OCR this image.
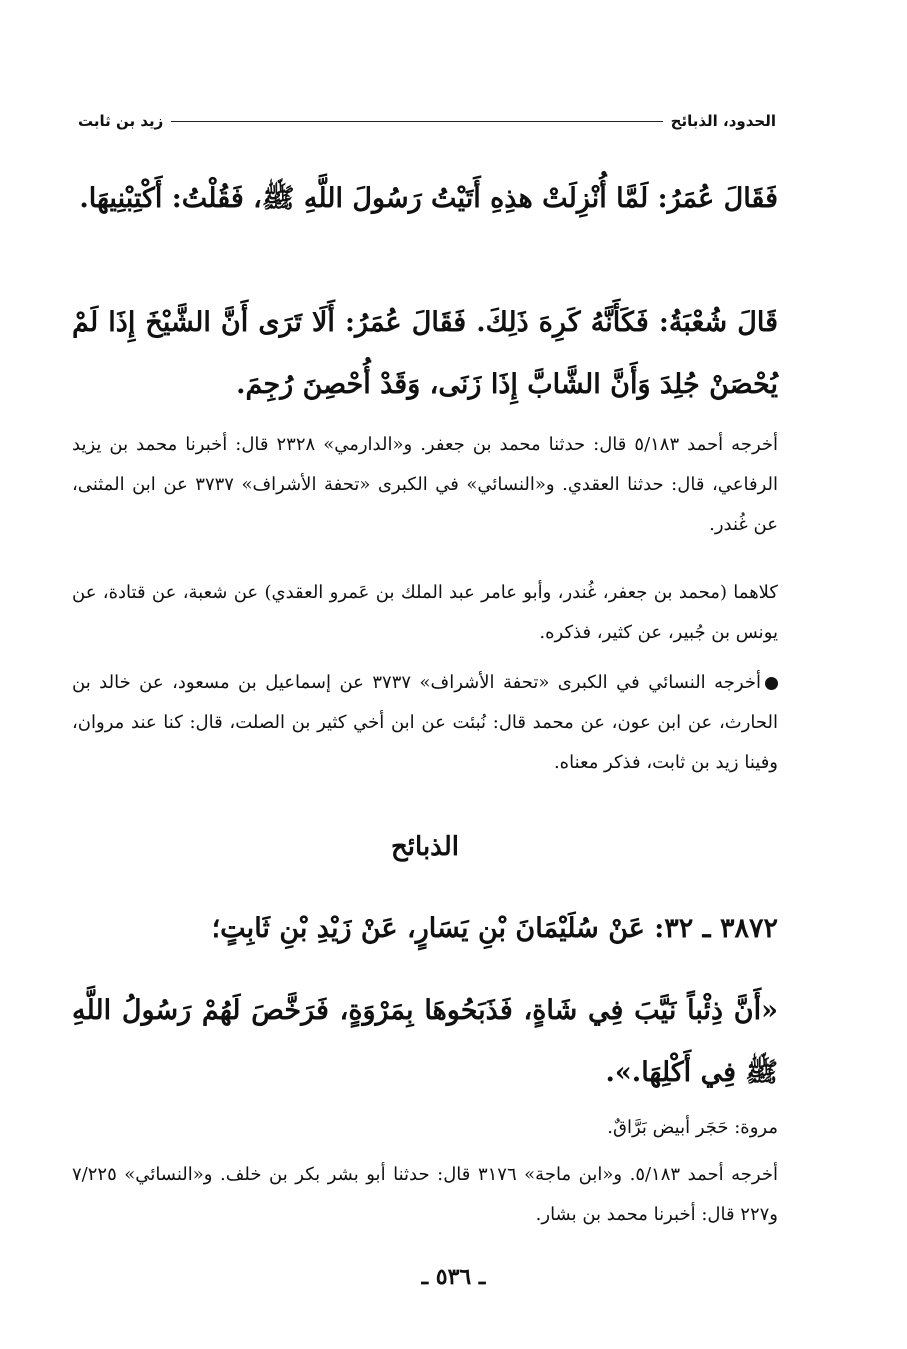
الحدود، الذبائح
زيد بن ثابت
فَقَالَ عُمَرُ: لَمَّا أُنْزِلَتْ هذِهِ أَتَيْتُ رَسُولَ اللَّهِ ﷺ، فَقُلْتُ: أَكْتِبْنِيهَا.
قَالَ شُعْبَةُ: فَكَأَنَّهُ كَرِهَ ذَلِكَ. فَقَالَ عُمَرُ: أَلَا تَرَى أَنَّ الشَّيْخَ إِذَا لَمْ يُحْصَنْ جُلِدَ وَأَنَّ الشَّابَّ إِذَا زَنَى، وَقَدْ أُحْصِنَ رُجِمَ.
أخرجه أحمد ٥/١٨٣ قال: حدثنا محمد بن جعفر. و«الدارمي» ٢٣٢٨ قال: أخبرنا محمد بن يزيد الرفاعي، قال: حدثنا العقدي. و«النسائي» في الكبرى «تحفة الأشراف» ٣٧٣٧ عن ابن المثنى، عن غُندر.
كلاهما (محمد بن جعفر، غُندر، وأبو عامر عبد الملك بن عَمرو العقدي) عن شعبة، عن قتادة، عن يونس بن جُبير، عن كثير، فذكره.
أخرجه النسائي في الكبرى «تحفة الأشراف» ٣٧٣٧ عن إسماعيل بن مسعود، عن خالد بن الحارث، عن ابن عون، عن محمد قال: نُبئت عن ابن أخي كثير بن الصلت، قال: كنا عند مروان، وفينا زيد بن ثابت، فذكر معناه.
الذبائح
٣٨٧٢ ـ ٣٢: عَنْ سُلَيْمَانَ بْنِ يَسَارٍ، عَنْ زَيْدِ بْنِ ثَابِتٍ؛
«أَنَّ ذِئْباً نَيَّبَ فِي شَاةٍ، فَذَبَحُوهَا بِمَرْوَةٍ، فَرَخَّصَ لَهُمْ رَسُولُ اللَّهِ ﷺ فِي أَكْلِهَا.».
مروة: حَجَر أبيض بَرَّاقٌ.
أخرجه أحمد ٥/١٨٣. و«ابن ماجة» ٣١٧٦ قال: حدثنا أبو بشر بكر بن خلف. و«النسائي» ٧/٢٢٥ و٢٢٧ قال: أخبرنا محمد بن بشار.
ـ ٥٣٦ ـ
